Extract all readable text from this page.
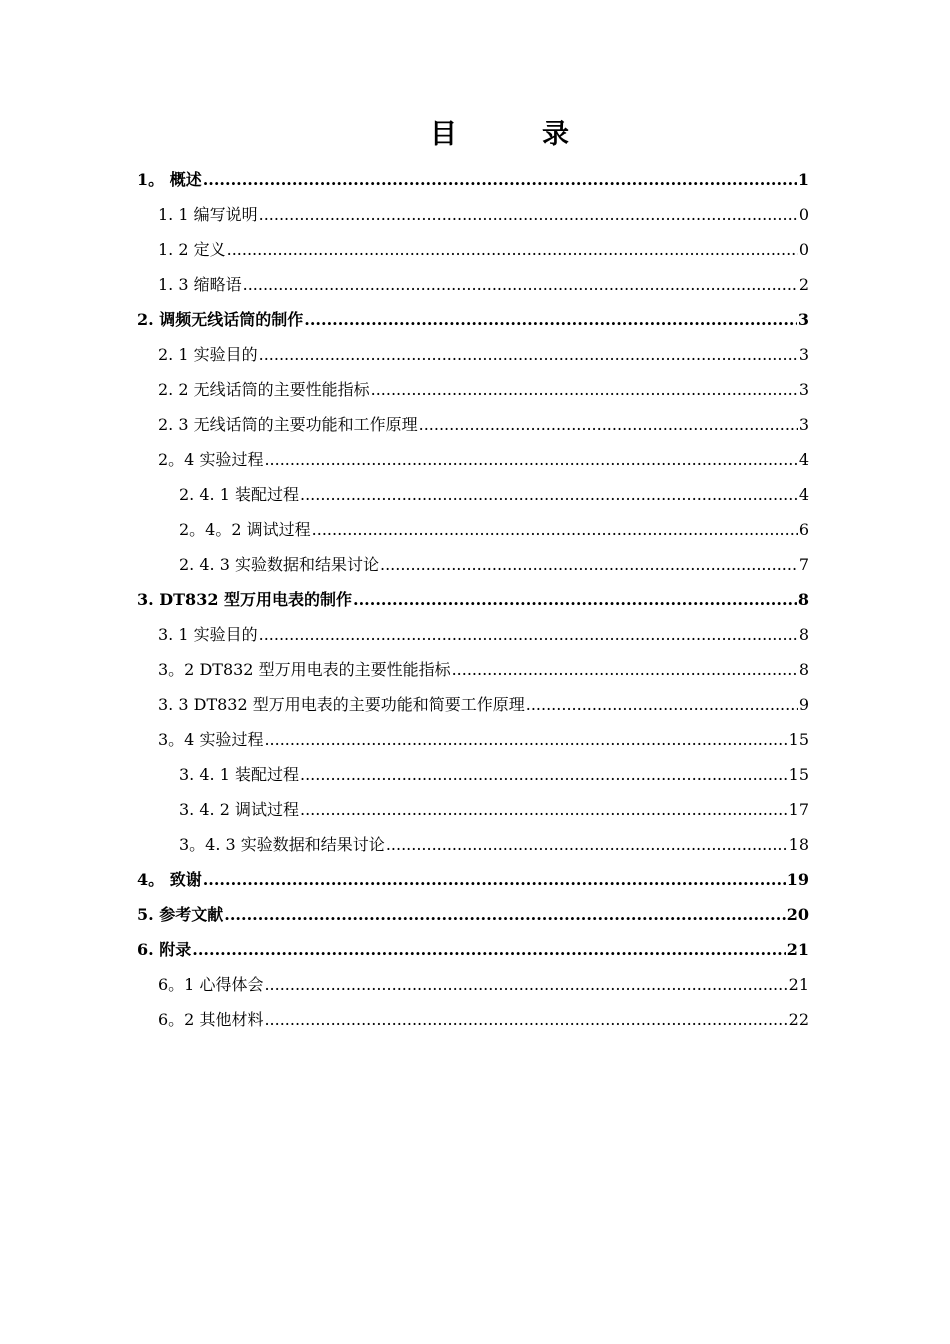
目	录
1。 概述 .....	1
1. 1 编写说明 .....	0
1. 2 定义 .....	0
1. 3 缩略语 .....	2
2. 调频无线话筒的制作 .....	3
2. 1 实验目的 .....	3
2. 2 无线话筒的主要性能指标 .....	3
2. 3 无线话筒的主要功能和工作原理 .....	3
2。4 实验过程 .....	4
2. 4. 1 装配过程 .....	4
2。4。2 调试过程 .....	6
2. 4. 3 实验数据和结果讨论 .....	7
3. DT832 型万用电表的制作 .....	8
3. 1 实验目的 .....	8
3。2 DT832 型万用电表的主要性能指标 .....	8
3. 3 DT832 型万用电表的主要功能和简要工作原理 .....	9
3。4 实验过程 .....	15
3. 4. 1 装配过程 .....	15
3. 4. 2 调试过程 .....	17
3。4. 3 实验数据和结果讨论 .....	18
4。 致谢 .....	19
5. 参考文献 .....	20
6. 附录 .....	21
6。1 心得体会 .....	21
6。2 其他材料 .....	22
